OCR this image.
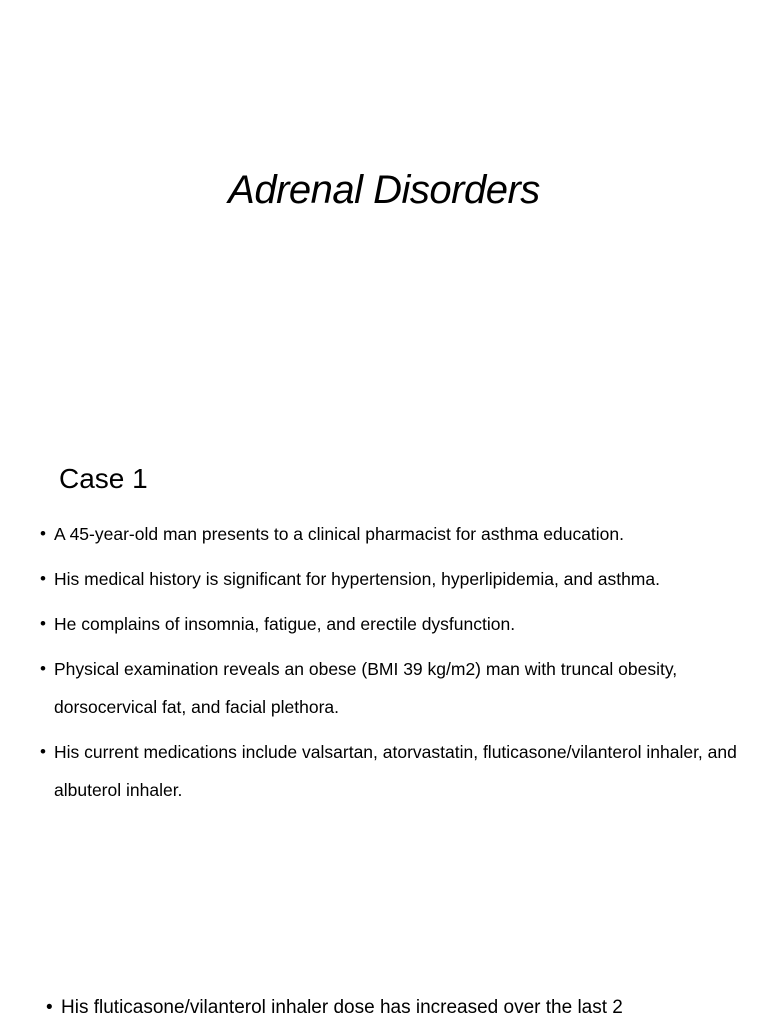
Adrenal Disorders
Case 1
• A 45-year-old man presents to a clinical pharmacist for asthma education.
• His medical history is significant for hypertension, hyperlipidemia, and asthma.
• He complains of insomnia, fatigue, and erectile dysfunction.
• Physical examination reveals an obese (BMI 39 kg/m2) man with truncal obesity, dorsocervical fat, and facial plethora.
• His current medications include valsartan, atorvastatin, fluticasone/vilanterol inhaler, and albuterol inhaler.
• His fluticasone/vilanterol inhaler dose has increased over the last 2
